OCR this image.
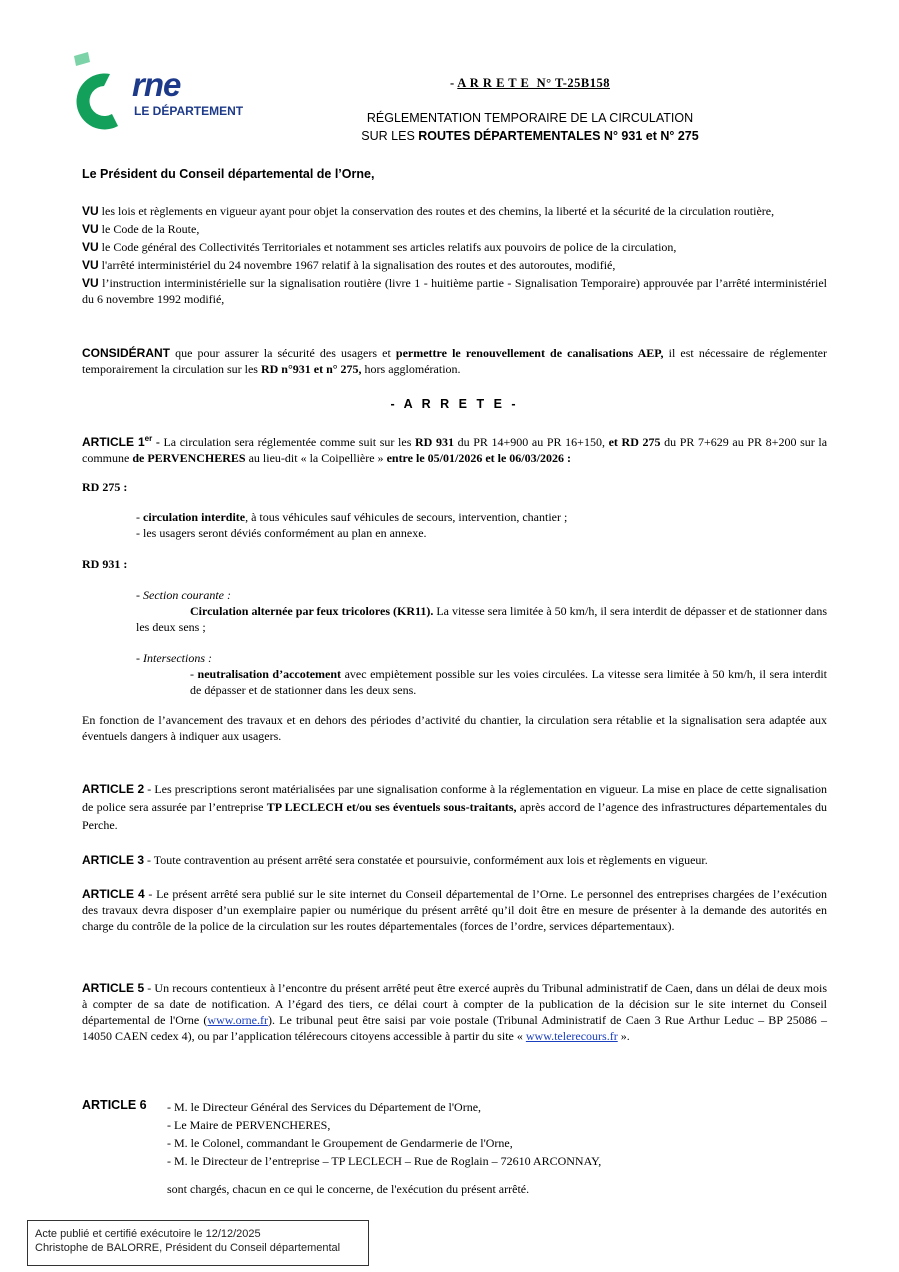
rne
LE DÉPARTEMENT
- A R R E T E  N° T-25B158
RÉGLEMENTATION TEMPORAIRE DE LA CIRCULATION
SUR LES ROUTES DÉPARTEMENTALES N° 931 et N° 275
Le Président du Conseil départemental de l’Orne,
VU les lois et règlements en vigueur ayant pour objet la conservation des routes et des chemins, la liberté et la sécurité de la circulation routière,
VU le Code de la Route,
VU le Code général des Collectivités Territoriales et notamment ses articles relatifs aux pouvoirs de police de la circulation,
VU l'arrêté interministériel du 24 novembre 1967 relatif à la signalisation des routes et des autoroutes, modifié,
VU l’instruction interministérielle sur la signalisation routière (livre 1 - huitième partie - Signalisation Temporaire) approuvée par l’arrêté interministériel du 6 novembre 1992 modifié,
CONSIDÉRANT que pour assurer la sécurité des usagers et permettre le renouvellement de canalisations AEP, il est nécessaire de réglementer temporairement la circulation sur les RD n°931 et n° 275, hors agglomération.
- A R R E T E -
ARTICLE 1er - La circulation sera réglementée comme suit sur les RD 931 du PR 14+900 au PR 16+150, et RD 275 du PR 7+629 au PR 8+200 sur la commune de PERVENCHERES au lieu-dit « la Coipellière » entre le 05/01/2026 et le 06/03/2026 :
RD 275 :
- circulation interdite, à tous véhicules sauf véhicules de secours, intervention, chantier ;
- les usagers seront déviés conformément au plan en annexe.
RD 931 :
- Section courante :
Circulation alternée par feux tricolores (KR11). La vitesse sera limitée à 50 km/h, il sera interdit de dépasser et de stationner dans les deux sens ;
- Intersections :
- neutralisation d’accotement avec empiètement possible sur les voies circulées. La vitesse sera limitée à 50 km/h, il sera interdit de dépasser et de stationner dans les deux sens.
En fonction de l’avancement des travaux et en dehors des périodes d’activité du chantier, la circulation sera rétablie et la signalisation sera adaptée aux éventuels dangers à indiquer aux usagers.
ARTICLE 2 - Les prescriptions seront matérialisées par une signalisation conforme à la réglementation en vigueur. La mise en place de cette signalisation de police sera assurée par l’entreprise TP LECLECH et/ou ses éventuels sous-traitants, après accord de l’agence des infrastructures départementales du Perche.
ARTICLE 3 - Toute contravention au présent arrêté sera constatée et poursuivie, conformément aux lois et règlements en vigueur.
ARTICLE 4 - Le présent arrêté sera publié sur le site internet du Conseil départemental de l’Orne. Le personnel des entreprises chargées de l’exécution des travaux devra disposer d’un exemplaire papier ou numérique du présent arrêté qu’il doit être en mesure de présenter à la demande des autorités en charge du contrôle de la police de la circulation sur les routes départementales (forces de l’ordre, services départementaux).
ARTICLE 5 - Un recours contentieux à l’encontre du présent arrêté peut être exercé auprès du Tribunal administratif de Caen, dans un délai de deux mois à compter de sa date de notification. A l’égard des tiers, ce délai court à compter de la publication de la décision sur le site internet du Conseil départemental de l'Orne (www.orne.fr). Le tribunal peut être saisi par voie postale (Tribunal Administratif de Caen 3 Rue Arthur Leduc – BP 25086 – 14050 CAEN cedex 4), ou par l’application télérecours citoyens accessible à partir du site « www.telerecours.fr ».
ARTICLE 6 - M. le Directeur Général des Services du Département de l'Orne,
- Le Maire de PERVENCHERES,
- M. le Colonel, commandant le Groupement de Gendarmerie de l'Orne,
- M. le Directeur de l’entreprise – TP LECLECH – Rue de Roglain – 72610 ARCONNAY,
sont chargés, chacun en ce qui le concerne, de l'exécution du présent arrêté.
Acte publié et certifié exécutoire le 12/12/2025
Christophe de BALORRE, Président du Conseil départemental
